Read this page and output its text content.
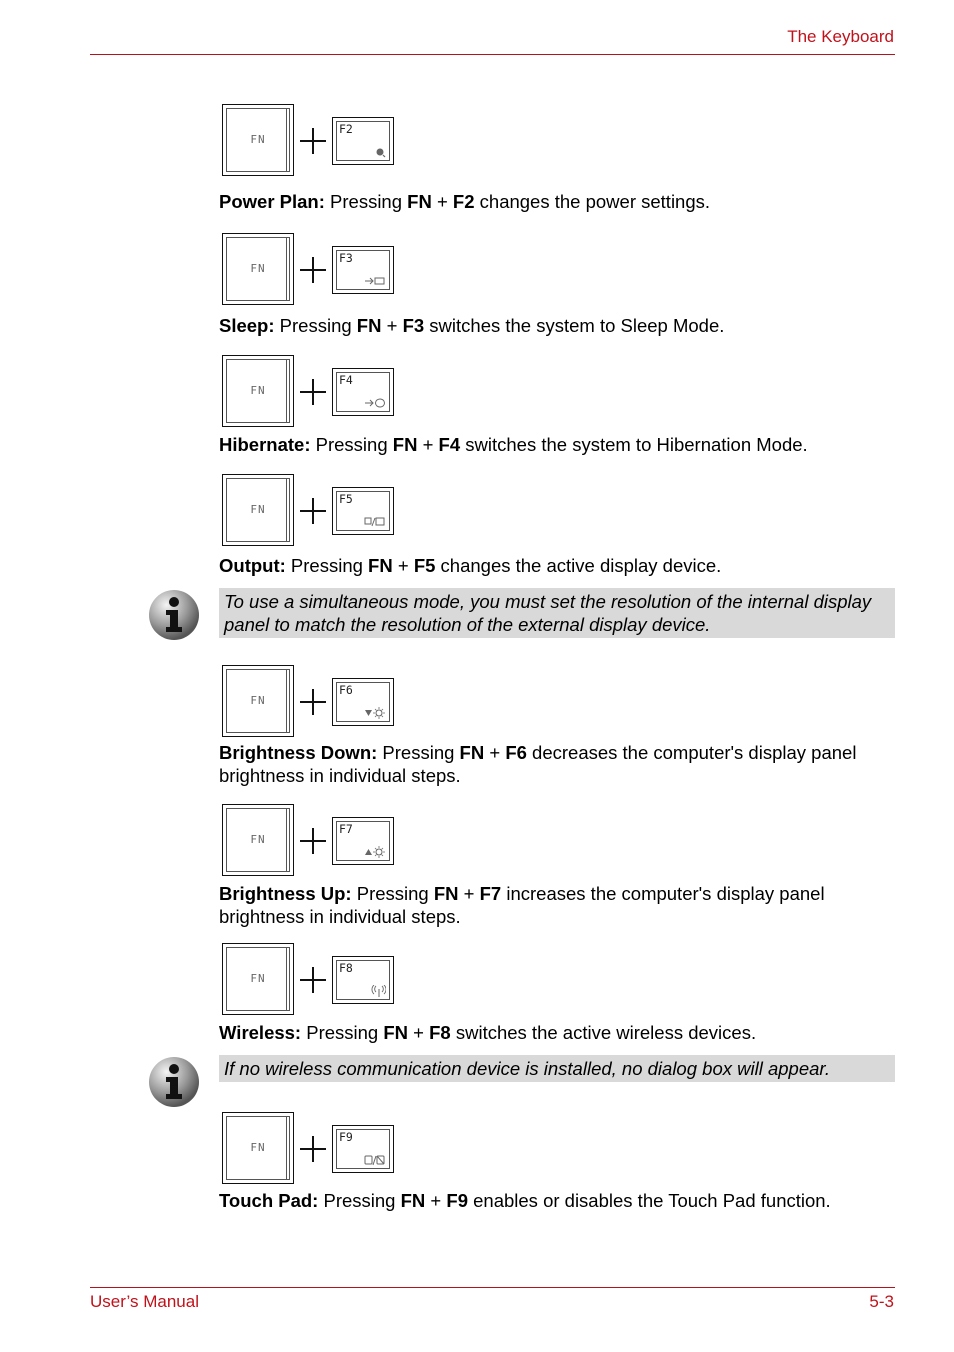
The Keyboard
FN
F2
Power Plan: Pressing FN + F2 changes the power settings.
FN
F3
Sleep: Pressing FN + F3 switches the system to Sleep Mode.
FN
F4
Hibernate: Pressing FN + F4 switches the system to Hibernation Mode.
FN
F5
Output: Pressing FN + F5 changes the active display device.
To use a simultaneous mode, you must set the resolution of the internal display panel to match the resolution of the external display device.
FN
F6
Brightness Down: Pressing FN + F6 decreases the computer's display panel brightness in individual steps.
FN
F7
Brightness Up: Pressing FN + F7 increases the computer's display panel brightness in individual steps.
FN
F8
Wireless: Pressing FN + F8 switches the active wireless devices.
If no wireless communication device is installed, no dialog box will appear.
FN
F9
Touch Pad: Pressing FN + F9 enables or disables the Touch Pad function.
User’s Manual	5-3
